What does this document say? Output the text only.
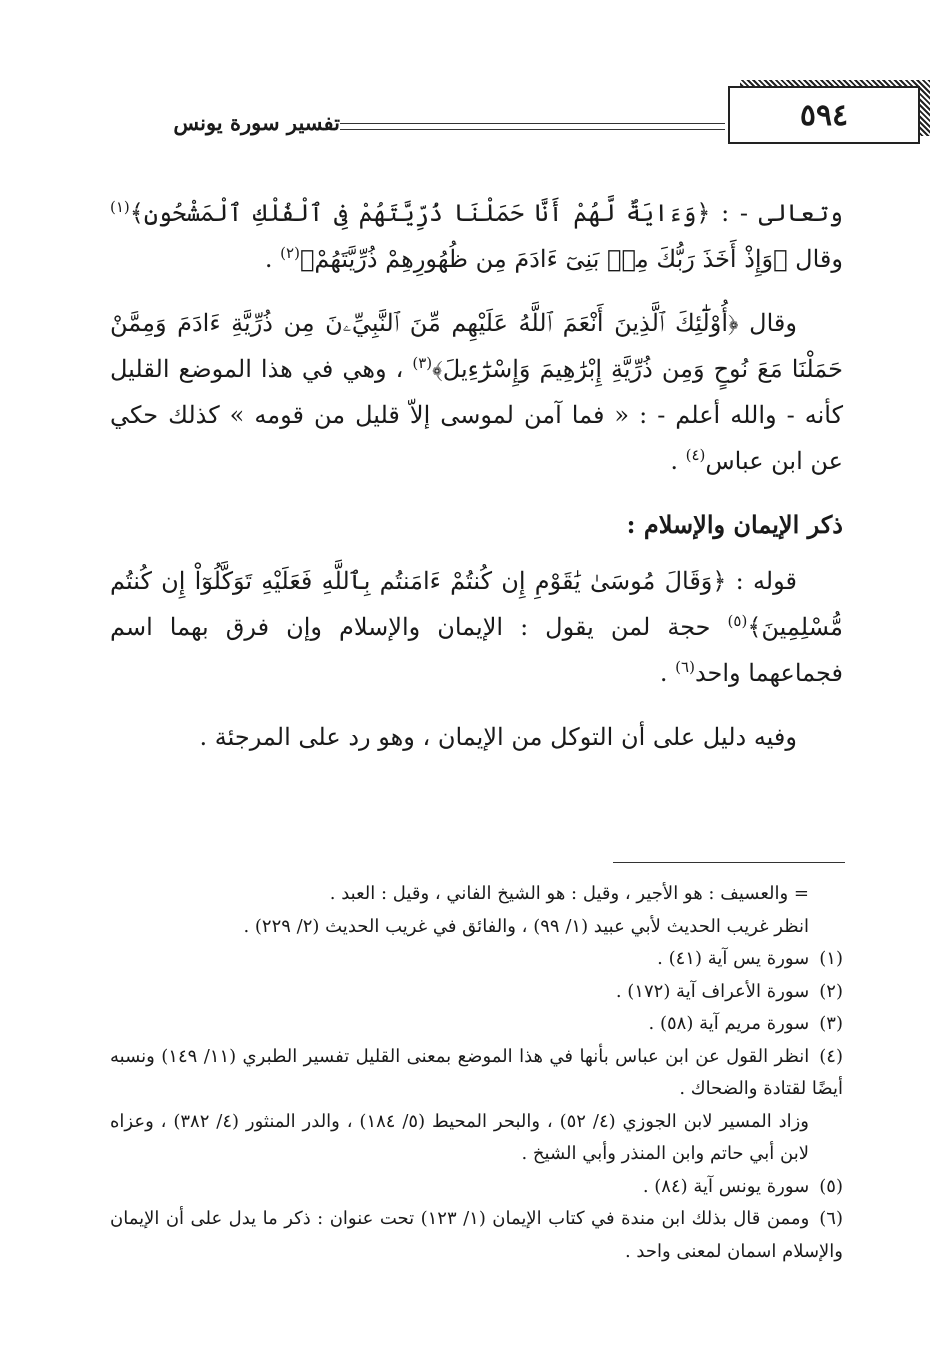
٥٩٤
تفسير سورة يونس

وتعالى - : ﴿وَءَايَةٌ لَّهُمْ أَنَّا حَمَلْنَا ذُرِّيَّتَهُمْ فِى ٱلْفُلْكِ ٱلْمَشْحُونِ﴾$^{(١)}$ وقال ﴿وَإِذْ أَخَذَ رَبُّكَ مِنۢ بَنِىٓ ءَادَمَ مِن ظُهُورِهِمْ ذُرِّيَّتَهُمْ﴾$^{(٢)}$ .

وقال ﴿أُوْلَٰٓئِكَ ٱلَّذِينَ أَنْعَمَ ٱللَّهُ عَلَيْهِم مِّنَ ٱلنَّبِيِّۦنَ مِن ذُرِّيَّةِ ءَادَمَ وَمِمَّنْ حَمَلْنَا مَعَ نُوحٍ وَمِن ذُرِّيَّةِ إِبْرَٰهِيمَ وَإِسْرَٰٓءِيلَ﴾$^{(٣)}$ ، وهي في هذا الموضع القليل كأنه - والله أعلم - : « فما آمن لموسى إلاّ قليل من قومه » كذلك حكي عن ابن عباس$^{(٤)}$ .

ذكر الإيمان والإسلام :

قوله : ﴿وَقَالَ مُوسَىٰ يَٰقَوْمِ إِن كُنتُمْ ءَامَنتُم بِٱللَّهِ فَعَلَيْهِ تَوَكَّلُوٓاْ إِن كُنتُم مُّسْلِمِينَ﴾$^{(٥)}$ حجة لمن يقول : الإيمان والإسلام وإن فرق بهما اسم فجماعهما واحد$^{(٦)}$ .

وفيه دليل على أن التوكل من الإيمان ، وهو رد على المرجئة .

= والعسيف : هو الأجير ، وقيل : هو الشيخ الفاني ، وقيل : العبد .

انظر غريب الحديث لأبي عبيد (١/ ٩٩) ، والفائق في غريب الحديث (٢/ ٢٢٩) .

(١)سورة يس آية (٤١) .

(٢)سورة الأعراف آية (١٧٢) .

(٣)سورة مريم آية (٥٨) .

(٤)انظر القول عن ابن عباس بأنها في هذا الموضع بمعنى القليل تفسير الطبري (١١/ ١٤٩) ونسبه أيضًا لقتادة والضحاك .

وزاد المسير لابن الجوزي (٤/ ٥٢) ، والبحر المحيط (٥/ ١٨٤) ، والدر المنثور (٤/ ٣٨٢) ، وعزاه لابن أبي حاتم وابن المنذر وأبي الشيخ .

(٥)سورة يونس آية (٨٤) .

(٦)وممن قال بذلك ابن مندة في كتاب الإيمان (١/ ١٢٣) تحت عنوان : ذكر ما يدل على أن الإيمان والإسلام اسمان لمعنى واحد .
